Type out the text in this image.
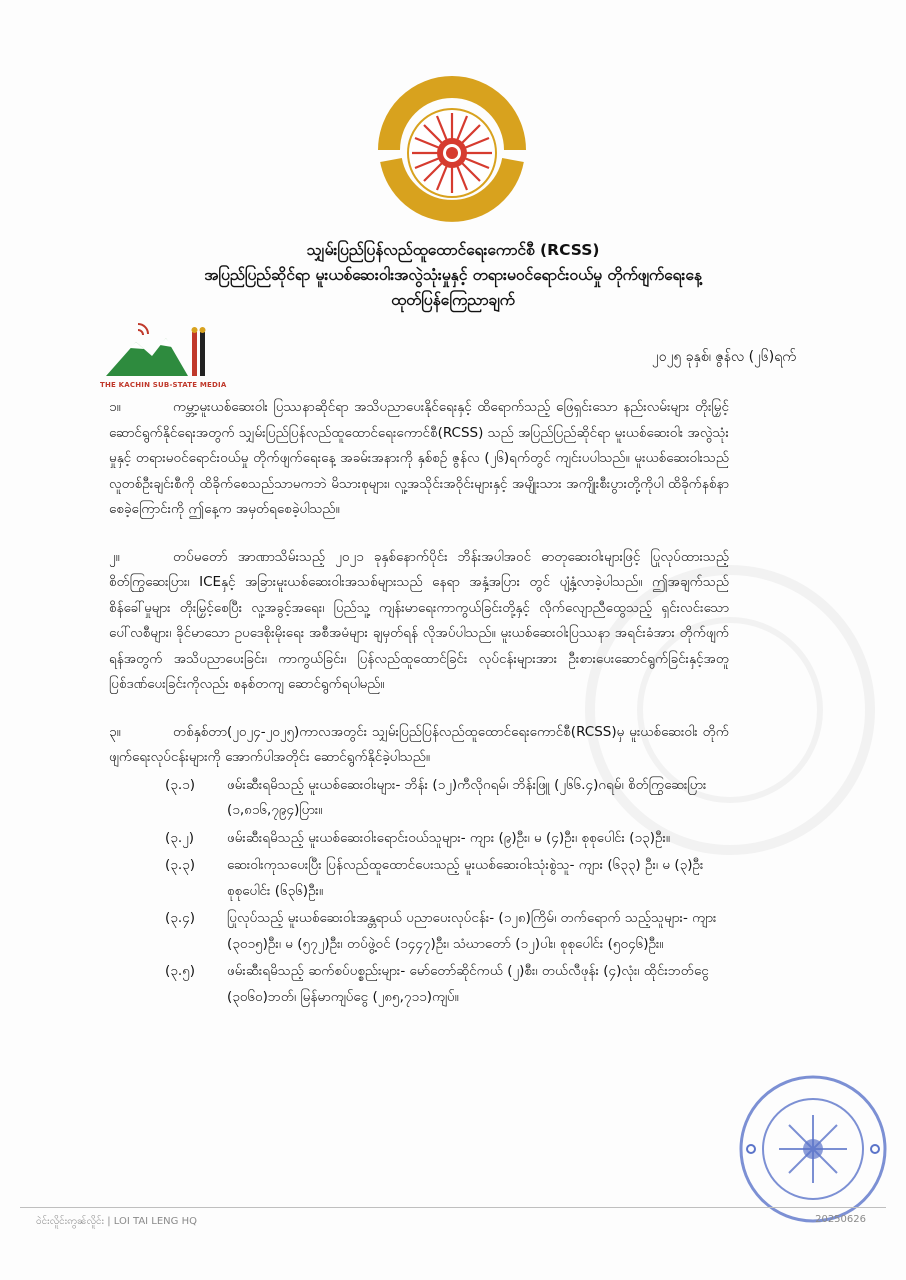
THE KACHIN SUB-STATE MEDIA
သျှမ်းပြည်ပြန်လည်ထူထောင်ရေးကောင်စီ (RCSS)
အပြည်ပြည်ဆိုင်ရာ မူးယစ်ဆေးဝါးအလွဲသုံးမှုနှင့် တရားမဝင်ရောင်းဝယ်မှု တိုက်ဖျက်ရေးနေ့
ထုတ်ပြန်ကြေညာချက်
၂၀၂၅ ခုနှစ်၊ ဇွန်လ (၂၆)ရက်

၁။	ကမ္ဘာ့မူးယစ်ဆေးဝါး ပြဿနာဆိုင်ရာ အသိပညာပေးနိုင်ရေးနှင့် ထိရောက်သည့် ဖြေရှင်းသော နည်းလမ်းများ တိုးမြှင့်ဆောင်ရွက်နိုင်ရေးအတွက် သျှမ်းပြည်ပြန်လည်ထူထောင်ရေးကောင်စီ(RCSS) သည် အပြည်ပြည်ဆိုင်ရာ မူးယစ်ဆေးဝါး အလွဲသုံးမှုနှင့် တရားမဝင်ရောင်းဝယ်မှု တိုက်ဖျက်ရေးနေ့ အခမ်းအနားကို နှစ်စဉ် ဇွန်လ (၂၆)ရက်တွင် ကျင်းပပါသည်။ မူးယစ်ဆေးဝါးသည် လူတစ်ဦးချင်းစီကို ထိခိုက်စေသည်သာမကဘဲ မိသားစုများ၊ လူ့အသိုင်းအဝိုင်းများနှင့် အမျိုးသား အကျိုးစီးပွားတို့ကိုပါ ထိခိုက်နစ်နာစေခဲ့ကြောင်းကို ဤနေ့က အမှတ်ရစေခဲ့ပါသည်။

၂။	တပ်မတော် အာဏာသိမ်းသည့် ၂၀၂၁ ခုနှစ်နောက်ပိုင်း ဘိန်းအပါအဝင် ဓာတုဆေးဝါးများဖြင့် ပြုလုပ်ထားသည့် စိတ်ကြွဆေးပြား၊ ICEနှင့် အခြားမူးယစ်ဆေးဝါးအသစ်များသည် နေရာ အနှံ့အပြား တွင် ပျံ့နှံ့လာခဲ့ပါသည်။ ဤအချက်သည် စိန်ခေါ်မှုများ တိုးမြှင့်စေပြီး လူ့အခွင့်အရေး၊ ပြည်သူ့ ကျန်းမာရေးကာကွယ်ခြင်းတို့နှင့် လိုက်လျောညီထွေသည့် ရှင်းလင်းသော ပေါ်လစီများ၊ ခိုင်မာသော ဥပဒေစိုးမိုးရေး အစီအမံများ ချမှတ်ရန် လိုအပ်ပါသည်။ မူးယစ်ဆေးဝါးပြဿနာ အရင်းခံအား တိုက်ဖျက်ရန်အတွက် အသိပညာပေးခြင်း၊ ကာကွယ်ခြင်း၊ ပြန်လည်ထူထောင်ခြင်း လုပ်ငန်းများအား ဦးစားပေးဆောင်ရွက်ခြင်းနှင့်အတူ ပြစ်ဒဏ်ပေးခြင်းကိုလည်း စနစ်တကျ ဆောင်ရွက်ရပါမည်။

၃။	တစ်နှစ်တာ(၂၀၂၄-၂၀၂၅)ကာလအတွင်း သျှမ်းပြည်ပြန်လည်ထူထောင်ရေးကောင်စီ(RCSS)မှ မူးယစ်ဆေးဝါး တိုက်ဖျက်ရေးလုပ်ငန်းများကို အောက်ပါအတိုင်း ဆောင်ရွက်နိုင်ခဲ့ပါသည်။

(၃.၁)	ဖမ်းဆီးရမိသည့် မူးယစ်ဆေးဝါးများ- ဘိန်း (၁၂)ကီလိုဂရမ်၊ ဘိန်းဖြူ (၂၆၆.၄)ဂရမ်၊ စိတ်ကြွဆေးပြား (၁,၈၁၆,၇၉၄)ပြား။
(၃.၂)	ဖမ်းဆီးရမိသည့် မူးယစ်ဆေးဝါးရောင်းဝယ်သူများ- ကျား (၉)ဦး၊ မ (၄)ဦး၊ စုစုပေါင်း (၁၃)ဦး။
(၃.၃)	ဆေးဝါးကုသပေးပြီး ပြန်လည်ထူထောင်ပေးသည့် မူးယစ်ဆေးဝါးသုံးစွဲသူ- ကျား (၆၃၃) ဦး၊ မ (၃)ဦး စုစုပေါင်း (၆၃၆)ဦး။
(၃.၄)	ပြုလုပ်သည့် မူးယစ်ဆေးဝါးအန္တရာယ် ပညာပေးလုပ်ငန်း- (၁၂၈)ကြိမ်၊ တက်ရောက် သည့်သူများ- ကျား (၃၀၁၅)ဦး၊ မ (၅၇၂)ဦး၊ တပ်ဖွဲ့ဝင် (၁၄၄၇)ဦး၊ သံဃာတော် (၁၂)ပါး၊ စုစုပေါင်း (၅၀၄၆)ဦး။
(၃.၅)	ဖမ်းဆီးရမိသည့် ဆက်စပ်ပစ္စည်းများ- မော်တော်ဆိုင်ကယ် (၂)စီး၊ တယ်လီဖုန်း (၄)လုံး၊ ထိုင်းဘတ်ငွေ (၃၀၆၀)ဘတ်၊ မြန်မာကျပ်ငွေ (၂၈၅,၇၁၁)ကျပ်။
ဝဲင်းလိူင်းဢွၼ်လိူင်း | LOI TAI LENG HQ	20250626
